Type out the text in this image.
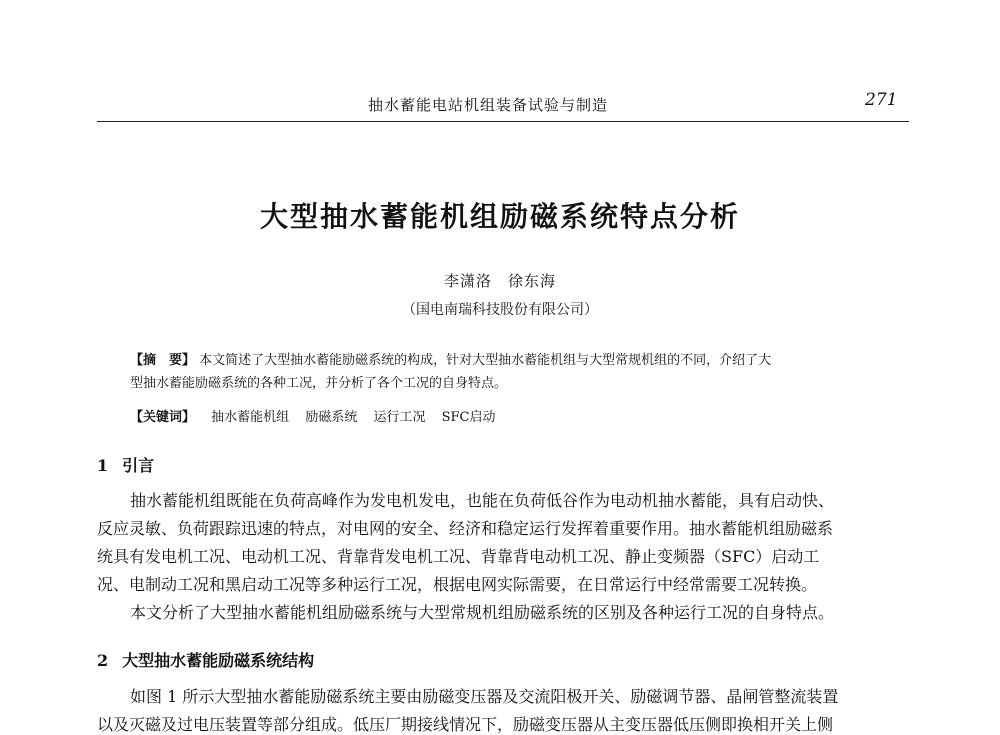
抽水蓄能电站机组装备试验与制造	271
大型抽水蓄能机组励磁系统特点分析
李潇洛　徐东海
（国电南瑞科技股份有限公司）
【摘　要】 本文简述了大型抽水蓄能励磁系统的构成，针对大型抽水蓄能机组与大型常规机组的不同，介绍了大
型抽水蓄能励磁系统的各种工况，并分析了各个工况的自身特点。
【关键词】 抽水蓄能机组 励磁系统 运行工况 SFC启动
1 引言
抽水蓄能机组既能在负荷高峰作为发电机发电，也能在负荷低谷作为电动机抽水蓄能，具有启动快、
反应灵敏、负荷跟踪迅速的特点，对电网的安全、经济和稳定运行发挥着重要作用。抽水蓄能机组励磁系
统具有发电机工况、电动机工况、背靠背发电机工况、背靠背电动机工况、静止变频器（SFC）启动工
况、电制动工况和黑启动工况等多种运行工况，根据电网实际需要，在日常运行中经常需要工况转换。
本文分析了大型抽水蓄能机组励磁系统与大型常规机组励磁系统的区别及各种运行工况的自身特点。
2 大型抽水蓄能励磁系统结构
如图 1 所示大型抽水蓄能励磁系统主要由励磁变压器及交流阳极开关、励磁调节器、晶闸管整流装置
以及灭磁及过电压装置等部分组成。低压厂期接线情况下，励磁变压器从主变压器低压侧即换相开关上侧
